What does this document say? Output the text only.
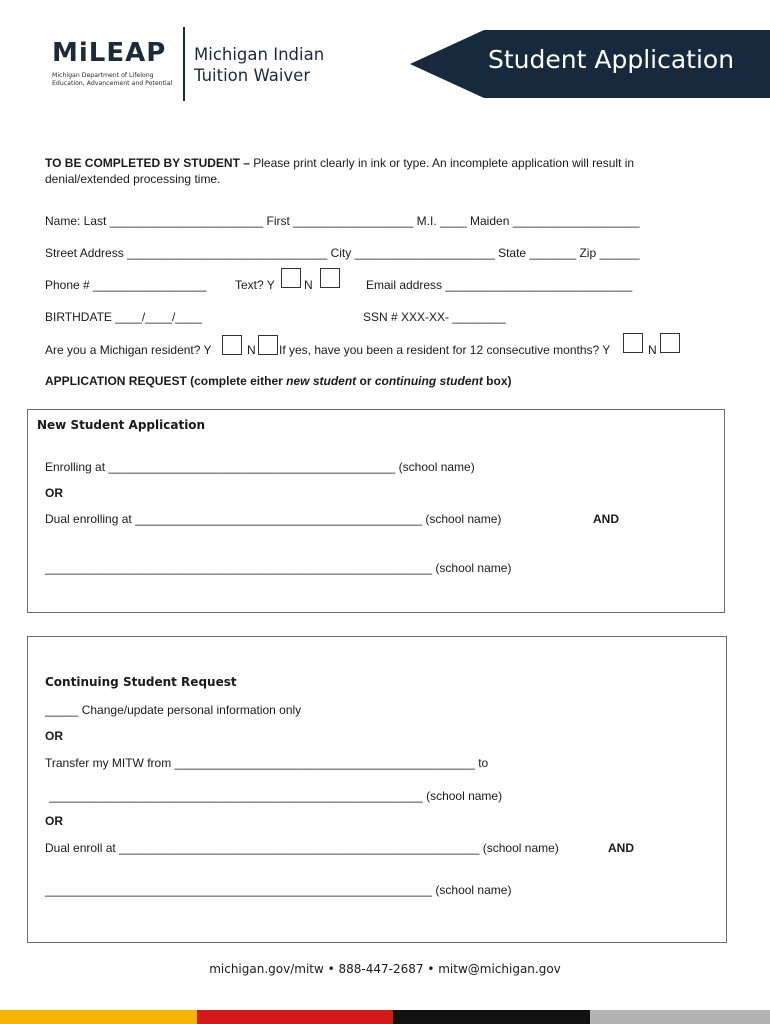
MiLEAP
Michigan Department of Lifelong
Education, Advancement and Potential
Michigan Indian
Tuition Waiver
Student Application
TO BE COMPLETED BY STUDENT – Please print clearly in ink or type. An incomplete application will result in
denial/extended processing time.
Name: Last _______________________ First __________________ M.I. ____ Maiden ___________________
Street Address ______________________________ City _____________________ State _______ Zip ______
Phone # _________________ Text? Y N	Email address ____________________________
BIRTHDATE ____/____/____	SSN # XXX-XX- ________
Are you a Michigan resident? Y	N If yes, have you been a resident for 12 consecutive months? Y	N
APPLICATION REQUEST (complete either new student or continuing student box)
New Student Application
Enrolling at ___________________________________________ (school name)
OR
Dual enrolling at ___________________________________________ (school name)	AND
__________________________________________________________ (school name)
Continuing Student Request
_____ Change/update personal information only
OR
Transfer my MITW from _____________________________________________ to
________________________________________________________ (school name)
OR
Dual enroll at ______________________________________________________ (school name)	AND
__________________________________________________________ (school name)
michigan.gov/mitw • 888-447-2687 • mitw@michigan.gov
